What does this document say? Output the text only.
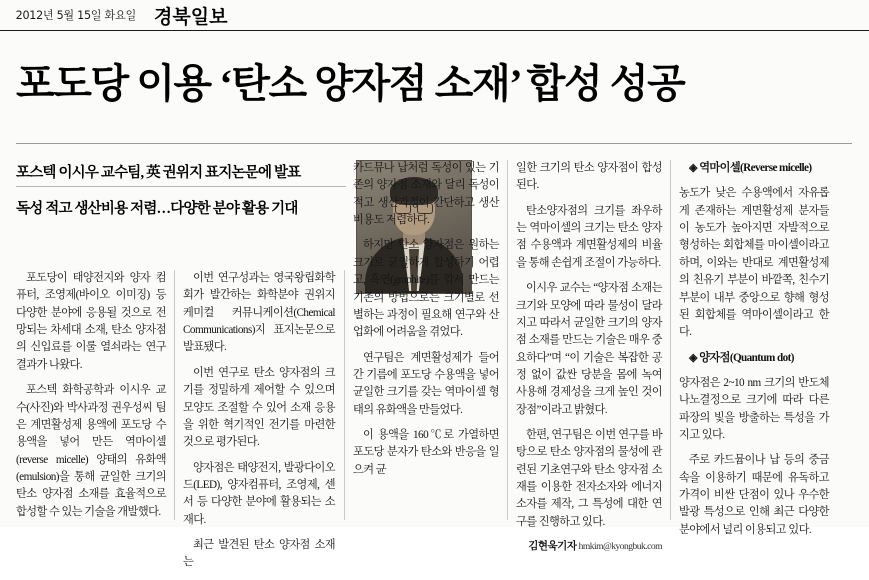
2012년 5월 15일 화요일 경북일보
포도당 이용 ‘탄소 양자점 소재’ 합성 성공
포스텍 이시우 교수팀, 英 권위지 표지논문에 발표
독성 적고 생산비용 저렴…다양한 분야 활용 기대

포도당이 태양전지와 양자 컴퓨터, 조영제(바이오 이미징) 등 다양한 분야에 응용될 것으로 전망되는 차세대 소재, 탄소 양자점의 신입료를 이룰 열쇠라는 연구결과가 나왔다.

포스텍 화학공학과 이시우 교수(사진)와 박사과정 권우성씨 팀은 계면활성제 용액에 포도당 수용액을 넣어 만든 역마이셀(reverse micelle) 양태의 유화액(emulsion)을 통해 균일한 크기의 탄소 양자점 소재를 효율적으로 합성할 수 있는 기술을 개발했다.

이번 연구성과는 영국왕립화학회가 발간하는 화학분야 권위지 케미컬 커뮤니케이션(Chemical Communications)지 표지논문으로 발표됐다.

이번 연구로 탄소 양자점의 크기를 정밀하게 제어할 수 있으며 모양도 조절할 수 있어 소재 응용을 위한 혁기적인 전기를 마련한 것으로 평가된다.

양자점은 태양전지, 발광다이오드(LED), 양자컴퓨터, 조영제, 센서 등 다양한 분야에 활용되는 소재다.

최근 발견된 탄소 양자점 소재는

카드뮤나 납처럼 독성이 있는 기존의 양자점 소재와 달리 독성이 적고 생산과정이 간단하고 생산비용도 저렴하다.

하지만 탄소 양자점은 원하는 크기로 균일하게 합성하기 어렵고, 흑연(graphite)를 깎서 만드는 기존의 방법으로는 크기별로 선별하는 과정이 필요해 연구와 산업화에 어려움을 겪었다.

연구팀은 계면활성제가 들어간 기름에 포도당 수용액을 넣어 균일한 크기를 갖는 역마이셀 형태의 유화액을 만들었다.

이 용액을 160℃로 가열하면 포도당 분자가 탄소와 반응을 일으켜 균

일한 크기의 탄소 양자점이 합성된다.

탄소양자점의 크기를 좌우하는 역마이셀의 크기는 탄소 양자점 수용액과 계면활성제의 비율을 통해 손쉽게 조절이 가능하다.

이시우 교수는 “양자점 소재는 크기와 모양에 따라 물성이 달라지고 따라서 균일한 크기의 양자점 소재를 만드는 기술은 매우 중요하다”며 “이 기술은 복잡한 공정 없이 값싼 당분을 몸에 녹여 사용해 경제성을 크게 높인 것이 장점”이라고 밝혔다.

한편, 연구팀은 이번 연구를 바탕으로 탄소 양자점의 물성에 관련된 기초연구와 탄소 양자점 소재를 이용한 전자소자와 에너지소자를 제작, 그 특성에 대한 연구를 진행하고 있다.

김현욱기자 hmkim@kyongbuk.com

◈ 역마이셀(Reverse micelle)

농도가 낮은 수용액에서 자유롭게 존재하는 계면활성제 분자들이 농도가 높아지면 자발적으로 형성하는 회합체를 마이셀이라고 하며, 이와는 반대로 계면활성제의 친유기 부분이 바깥쪽, 친수기 부분이 내부 중앙으로 향해 형성된 회합체를 역마이셀이라고 한다.

◈ 양자점(Quantum dot)

양자점은 2~10 nm 크기의 반도체 나노결정으로 크기에 따라 다른 파장의 빛을 방출하는 특성을 가지고 있다.

주로 카드뮴이나 납 등의 중금속을 이용하기 때문에 유독하고 가격이 비싼 단점이 있나 우수한 발광 특성으로 인해 최근 다양한 분야에서 널리 이용되고 있다.
